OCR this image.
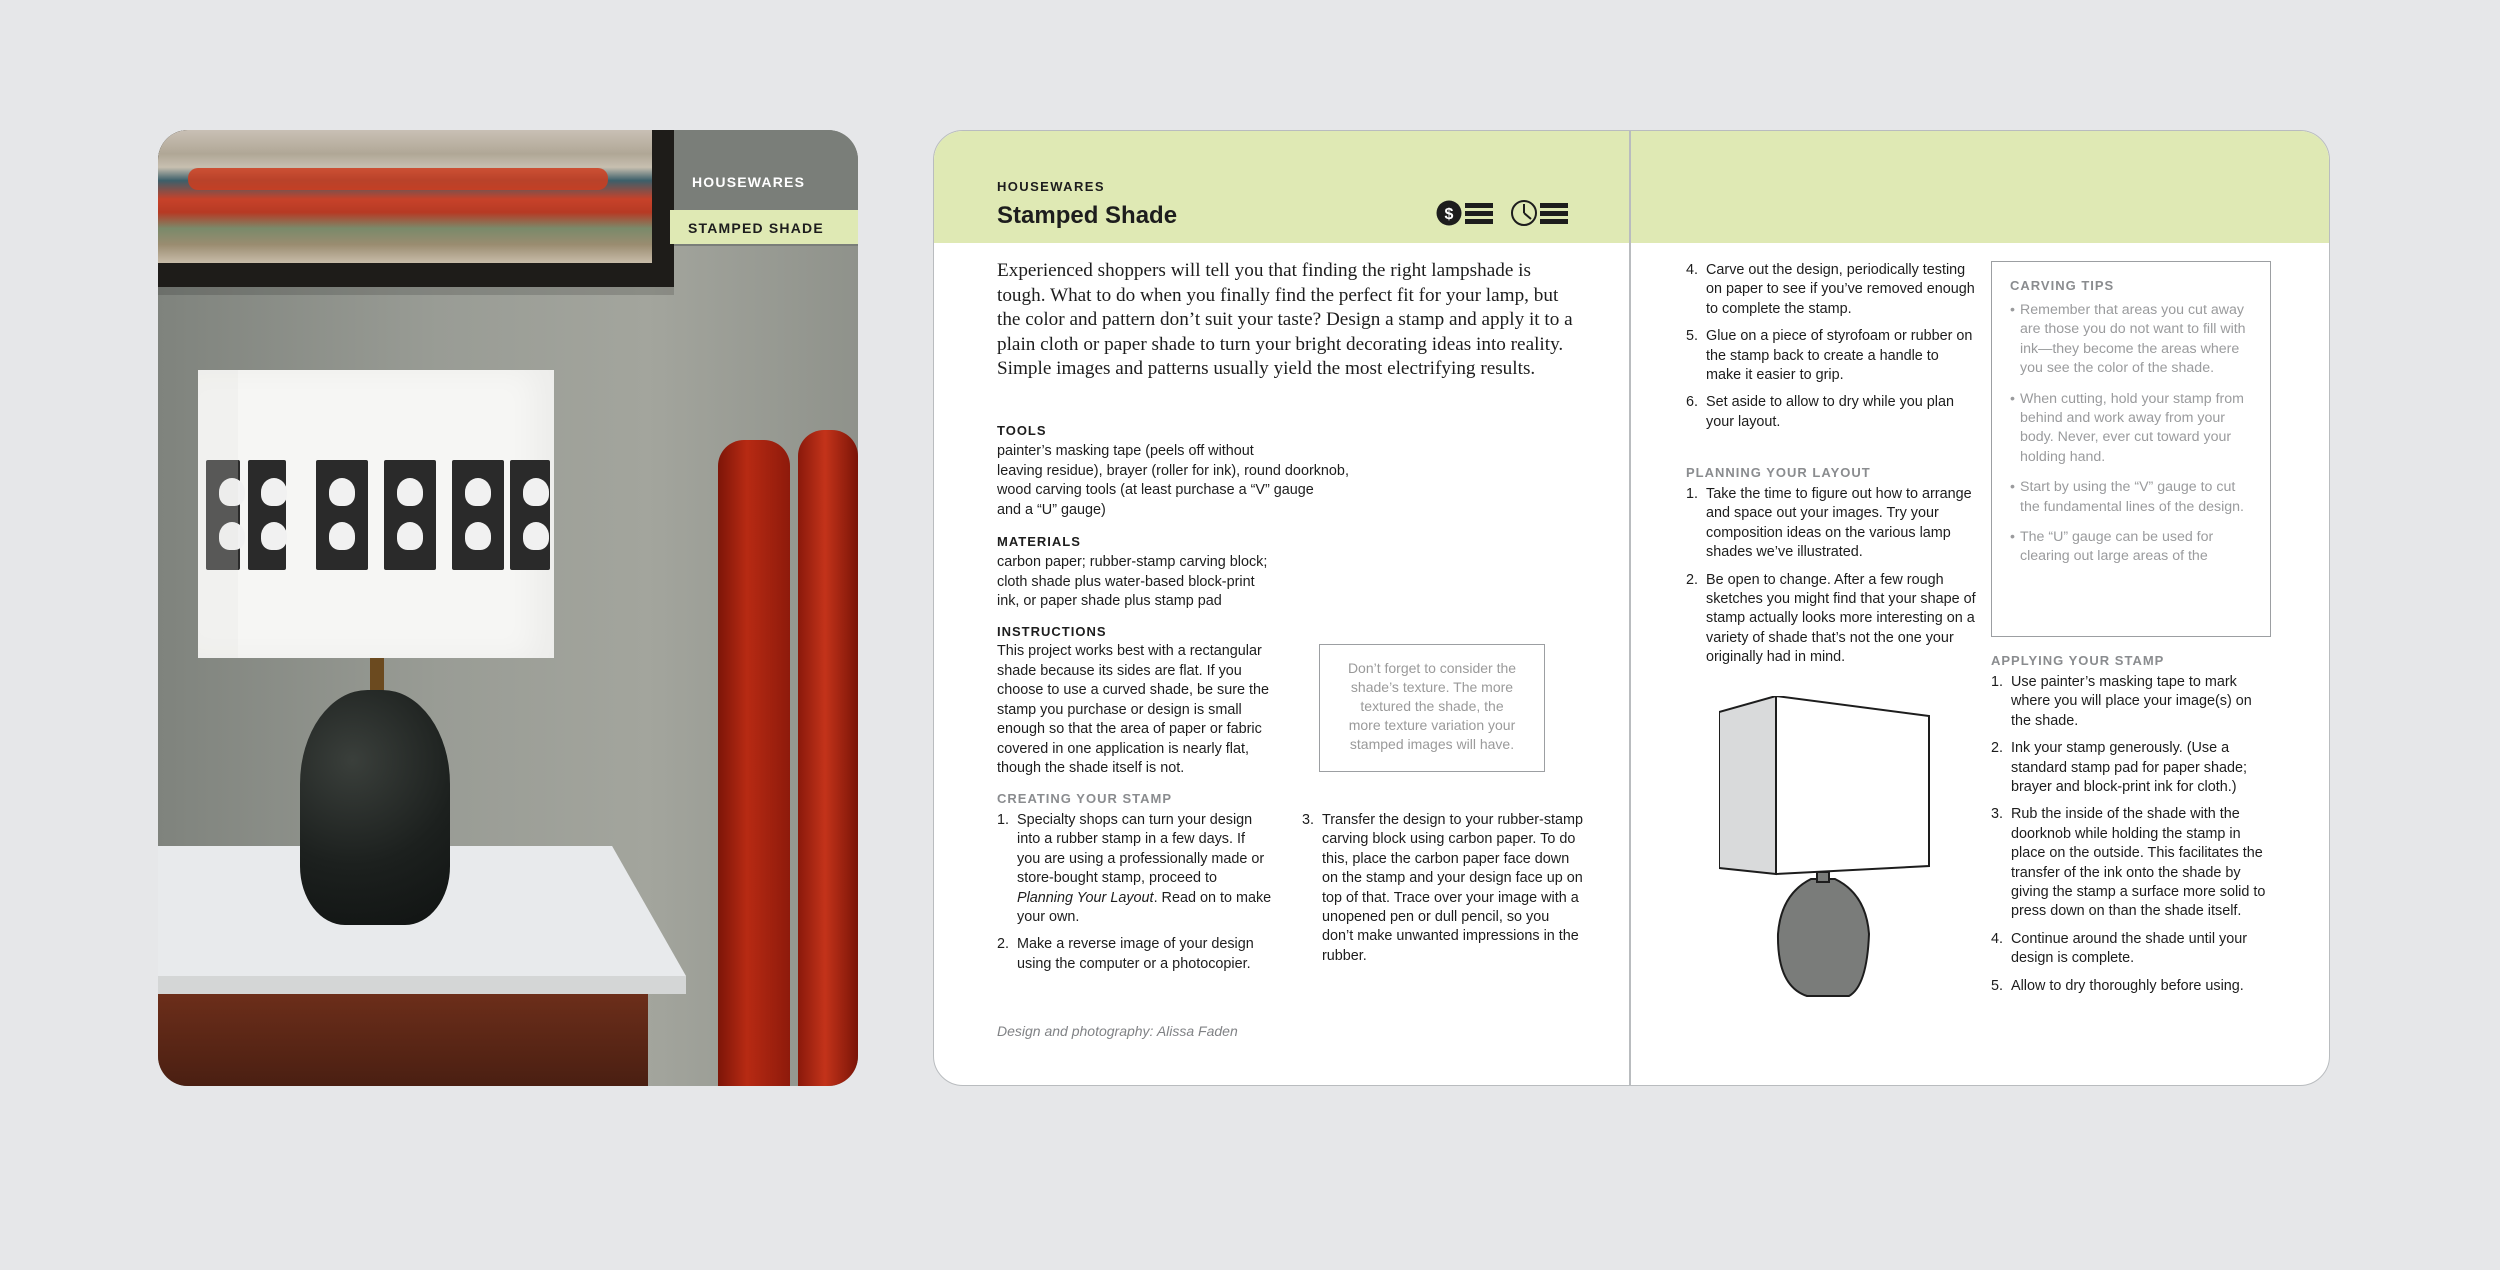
HOUSEWARES
STAMPED SHADE
HOUSEWARES
Stamped Shade	$

Experienced shoppers will tell you that finding the right lampshade is tough. What to do when you finally find the perfect fit for your lamp, but the color and pattern don’t suit your taste? Design a stamp and apply it to a plain cloth or paper shade to turn your bright decorating ideas into reality. Simple images and patterns usually yield the most electrifying results.

TOOLS

painter’s masking tape (peels off without
leaving residue), brayer (roller for ink), round doorknob,
wood carving tools (at least purchase a “V” gauge
and a “U” gauge)

MATERIALS

carbon paper; rubber-stamp carving block;
cloth shade plus water-based block-print
ink, or paper shade plus stamp pad

INSTRUCTIONS

This project works best with a rectangular
shade because its sides are flat. If you
choose to use a curved shade, be sure the
stamp you purchase or design is small
enough so that the area of paper or fabric
covered in one application is nearly flat,
though the shade itself is not.

Don’t forget to consider the
shade’s texture. The more
textured the shade, the
more texture variation your
stamped images will have.

CREATING YOUR STAMP

1. Specialty shops can turn your design into a rubber stamp in a few days. If you are using a professionally made or store-bought stamp, proceed to Planning Your Layout. Read on to make your own.
2. Make a reverse image of your design using the computer or a photocopier.
3. Transfer the design to your rubber-stamp carving block using carbon paper. To do this, place the carbon paper face down on the stamp and your design face up on top of that. Trace over your image with a unopened pen or dull pencil, so you don’t make unwanted impressions in the rubber.
Design and photography: Alissa Faden
4. Carve out the design, periodically testing on paper to see if you’ve removed enough to complete the stamp.
5. Glue on a piece of styrofoam or rubber on the stamp back to create a handle to make it easier to grip.
6. Set aside to allow to dry while you plan your layout.

PLANNING YOUR LAYOUT

1. Take the time to figure out how to arrange and space out your images. Try your composition ideas on the various lamp shades we’ve illustrated.
2. Be open to change. After a few rough sketches you might find that your shape of stamp actually looks more interesting on a variety of shade that’s not the one your originally had in mind.

CARVING TIPS

• Remember that areas you cut away are those you do not want to fill with ink—they become the areas where you see the color of the shade.
• When cutting, hold your stamp from behind and work away from your body. Never, ever cut toward your holding hand.
• Start by using the “V” gauge to cut the fundamental lines of the design.
• The “U” gauge can be used for clearing out large areas of the

APPLYING YOUR STAMP

1. Use painter’s masking tape to mark where you will place your image(s) on the shade.
2. Ink your stamp generously. (Use a standard stamp pad for paper shade; brayer and block-print ink for cloth.)
3. Rub the inside of the shade with the doorknob while holding the stamp in place on the outside. This facilitates the transfer of the ink onto the shade by giving the stamp a surface more solid to press down on than the shade itself.
4. Continue around the shade until your design is complete.
5. Allow to dry thoroughly before using.
